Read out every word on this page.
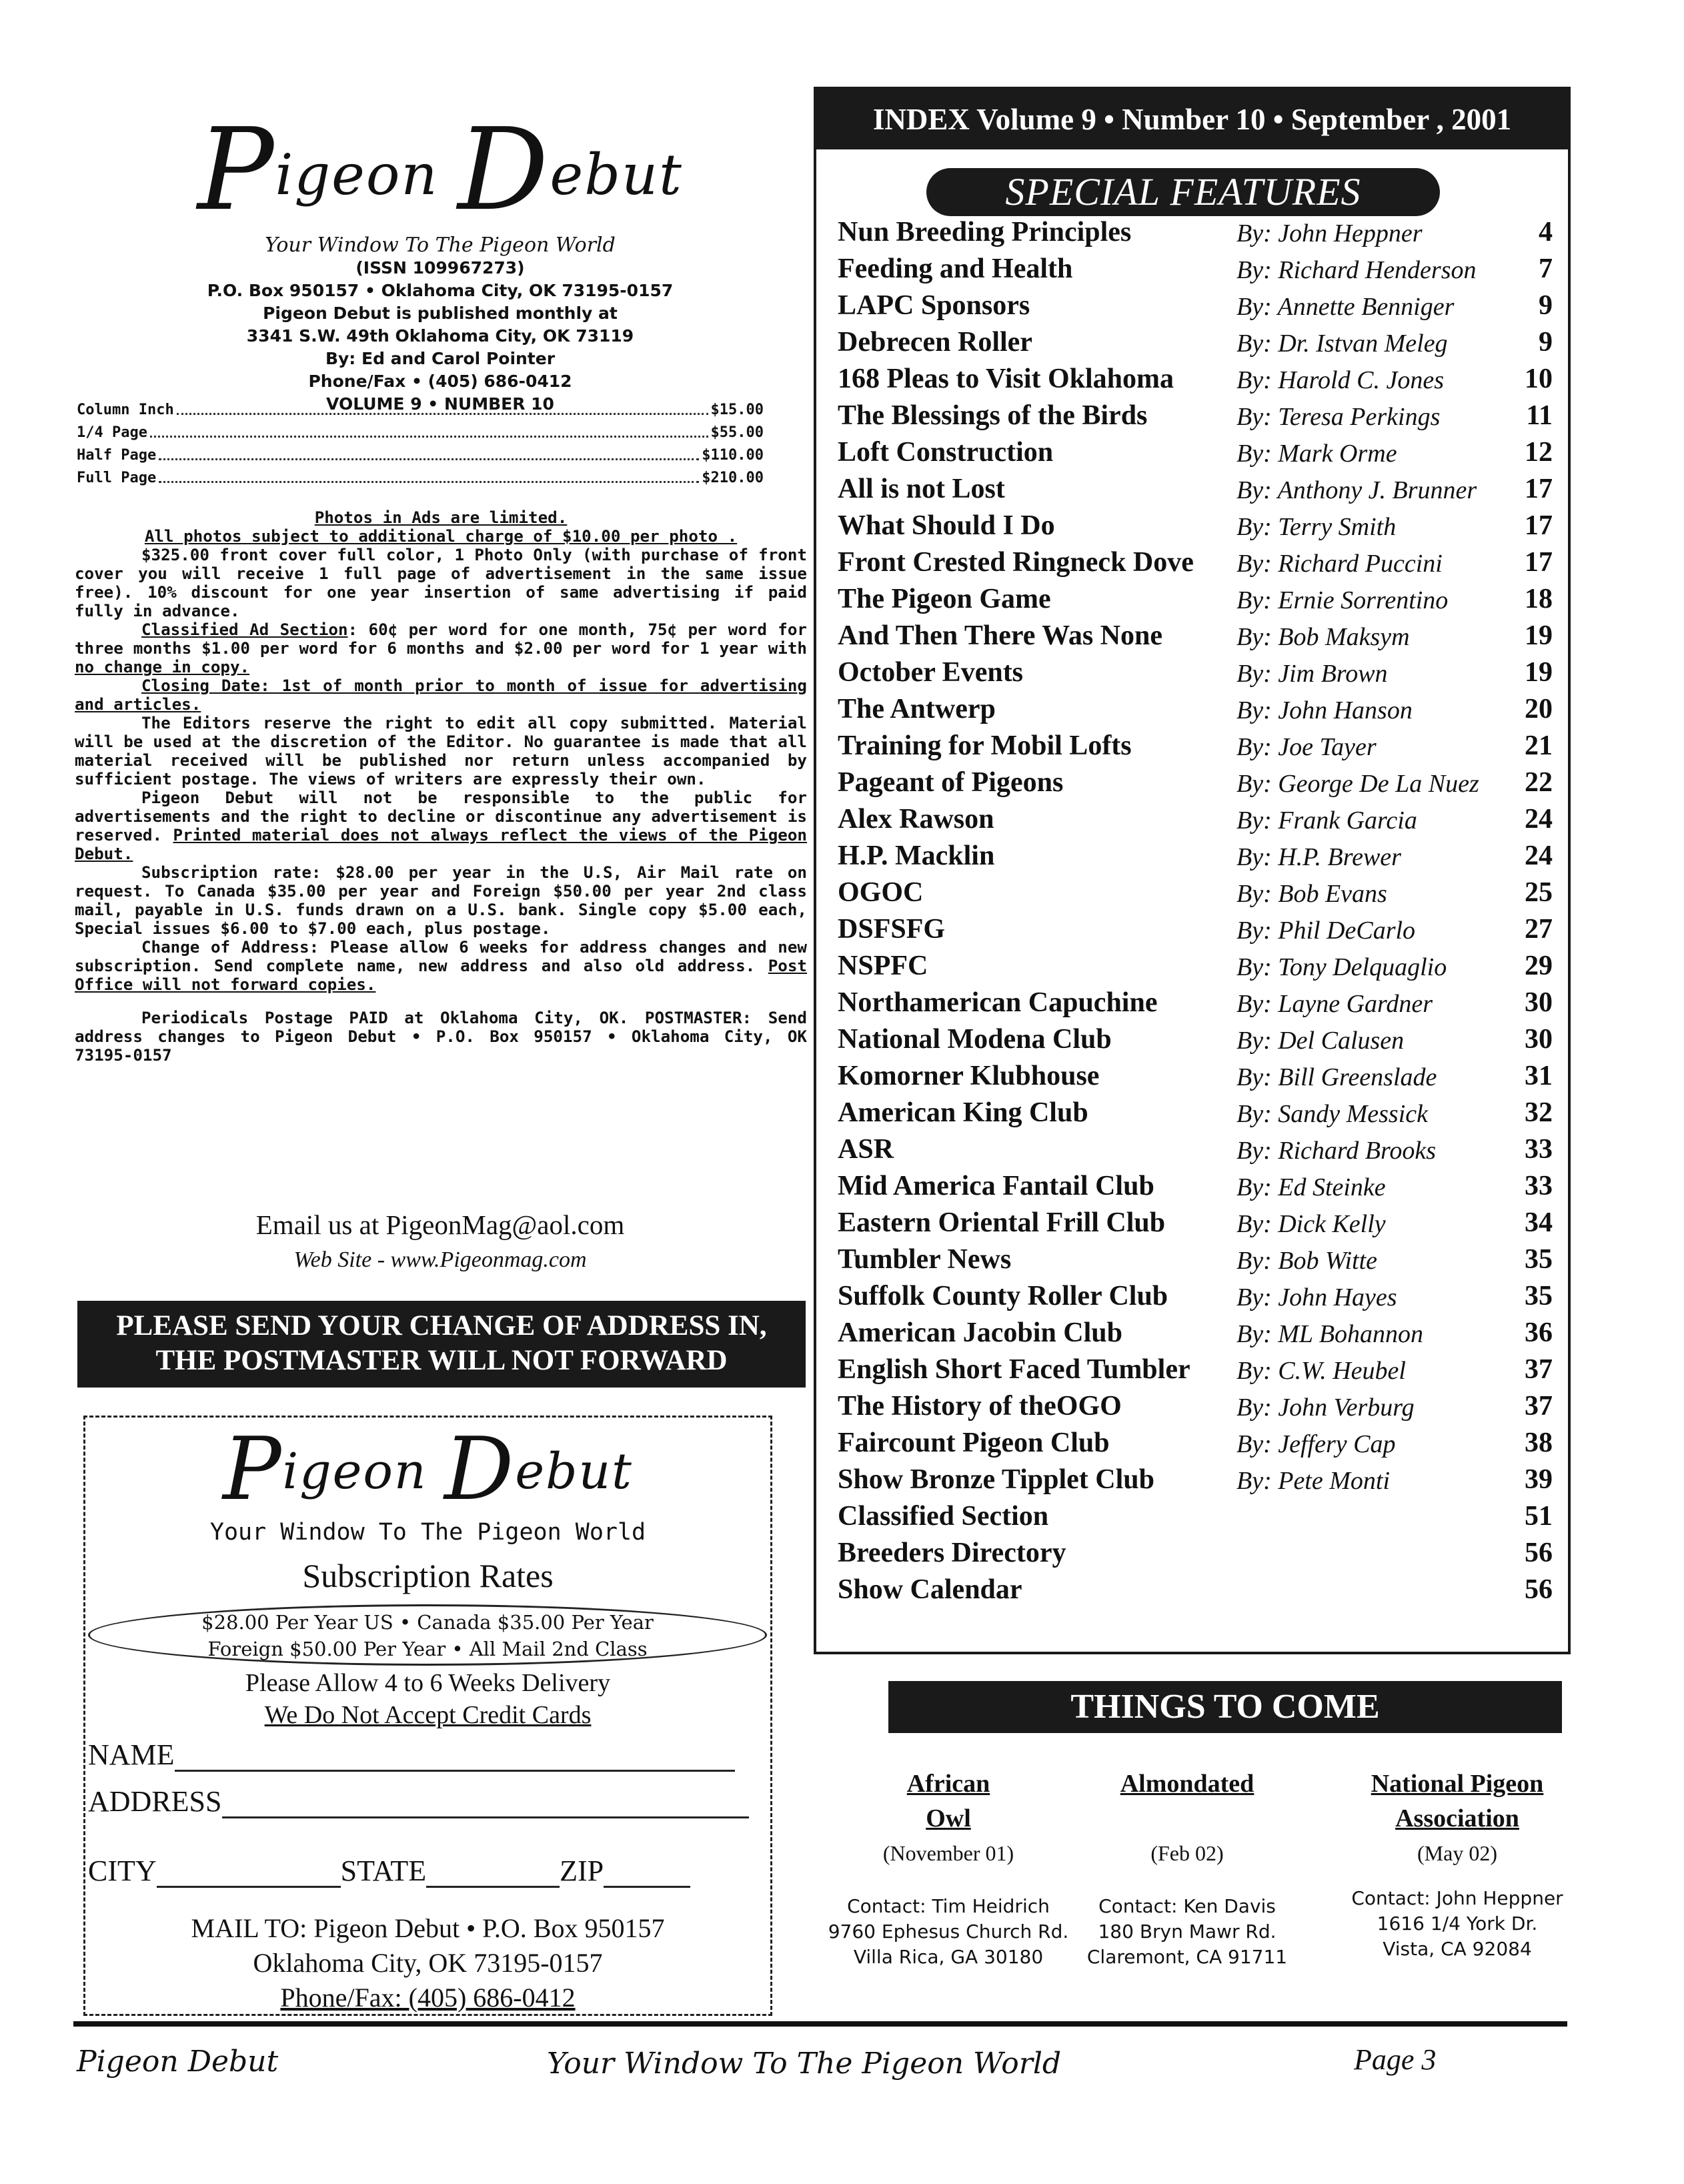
Pigeon Debut
Your Window To The Pigeon World
(ISSN 109967273)
P.O. Box 950157 • Oklahoma City, OK 73195-0157
Pigeon Debut is published monthly at
3341 S.W. 49th Oklahoma City, OK 73119
By: Ed and Carol Pointer
Phone/Fax • (405) 686-0412
VOLUME 9 • NUMBER 10
Column Inch	$15.00
1/4 Page	$55.00
Half Page	$110.00
Full Page	$210.00

Photos in Ads are limited.

All photos subject to additional charge of $10.00 per photo .

$325.00 front cover full color, 1 Photo Only (with purchase of front cover you will receive 1 full page of advertisement in the same issue free). 10% discount for one year insertion of same advertising if paid fully in advance.

Classified Ad Section: 60¢ per word for one month, 75¢ per word for three months $1.00 per word for 6 months and $2.00 per word for 1 year with no change in copy.

Closing Date: 1st of month prior to month of issue for advertising and articles.

The Editors reserve the right to edit all copy submitted. Material will be used at the discretion of the Editor. No guarantee is made that all material received will be published nor return unless accompanied by sufficient postage. The views of writers are expressly their own.

Pigeon Debut will not be responsible to the public for advertisements and the right to decline or discontinue any advertisement is reserved. Printed material does not always reflect the views of the Pigeon Debut.

Subscription rate: $28.00 per year in the U.S, Air Mail rate on request. To Canada $35.00 per year and Foreign $50.00 per year 2nd class mail, payable in U.S. funds drawn on a U.S. bank. Single copy $5.00 each, Special issues $6.00 to $7.00 each, plus postage.

Change of Address: Please allow 6 weeks for address changes and new subscription. Send complete name, new address and also old address. Post Office will not forward copies.

Periodicals Postage PAID at Oklahoma City, OK. POSTMASTER: Send address changes to Pigeon Debut • P.O. Box 950157 • Oklahoma City, OK 73195-0157

Email us at PigeonMag@aol.com
Web Site - www.Pigeonmag.com
PLEASE SEND YOUR CHANGE OF ADDRESS IN,
THE POSTMASTER WILL NOT FORWARD
Pigeon Debut
Your Window To The Pigeon World
Subscription Rates
$28.00 Per Year US • Canada $35.00 Per Year
Foreign $50.00 Per Year • All Mail 2nd Class
Please Allow 4 to 6 Weeks Delivery
We Do Not Accept Credit Cards
NAME
ADDRESS
CITY	STATE	ZIP
MAIL TO: Pigeon Debut • P.O. Box 950157
Oklahoma City, OK 73195-0157
Phone/Fax: (405) 686-0412
INDEX Volume 9 • Number 10 • September , 2001
SPECIAL FEATURES
Nun Breeding Principles	By: John Heppner	4
Feeding and Health	By: Richard Henderson 7
LAPC Sponsors	By: Annette Benniger	9
Debrecen Roller	By: Dr. Istvan Meleg	9
168 Pleas to Visit Oklahoma By: Harold C. Jones	10
The Blessings of the Birds	By: Teresa Perkings	11
Loft Construction	By: Mark Orme	12
All is not Lost	By: Anthony J. Brunner 17
What Should I Do	By: Terry Smith	17
Front Crested Ringneck Dove By: Richard Puccini	17
The Pigeon Game	By: Ernie Sorrentino	18
And Then There Was None	By: Bob Maksym	19
October Events	By: Jim Brown	19
The Antwerp	By: John Hanson	20
Training for Mobil Lofts	By: Joe Tayer	21
Pageant of Pigeons	By: George De La Nuez 22
Alex Rawson	By: Frank Garcia	24
H.P. Macklin	By: H.P. Brewer	24
OGOC	By: Bob Evans	25
DSFSFG	By: Phil DeCarlo	27
NSPFC	By: Tony Delquaglio	29
Northamerican Capuchine	By: Layne Gardner	30
National Modena Club	By: Del Calusen	30
Komorner Klubhouse	By: Bill Greenslade	31
American King Club	By: Sandy Messick	32
ASR	By: Richard Brooks	33
Mid America Fantail Club	By: Ed Steinke	33
Eastern Oriental Frill Club	By: Dick Kelly	34
Tumbler News	By: Bob Witte	35
Suffolk County Roller Club	By: John Hayes	35
American Jacobin Club	By: ML Bohannon	36
English Short Faced Tumbler By: C.W. Heubel	37
The History of theOGO	By: John Verburg	37
Faircount Pigeon Club	By: Jeffery Cap	38
Show Bronze Tipplet Club	By: Pete Monti	39
Classified Section	51
Breeders Directory	56
Show Calendar	56
THINGS TO COME
African
Owl
(November 01)
Contact: Tim Heidrich
9760 Ephesus Church Rd.
Villa Rica, GA 30180
Almondated
(Feb 02)
Contact: Ken Davis
180 Bryn Mawr Rd.
Claremont, CA 91711
National Pigeon
Association
(May 02)
Contact: John Heppner
1616 1/4 York Dr.
Vista, CA 92084
Pigeon Debut	Your Window To The Pigeon World	Page 3
